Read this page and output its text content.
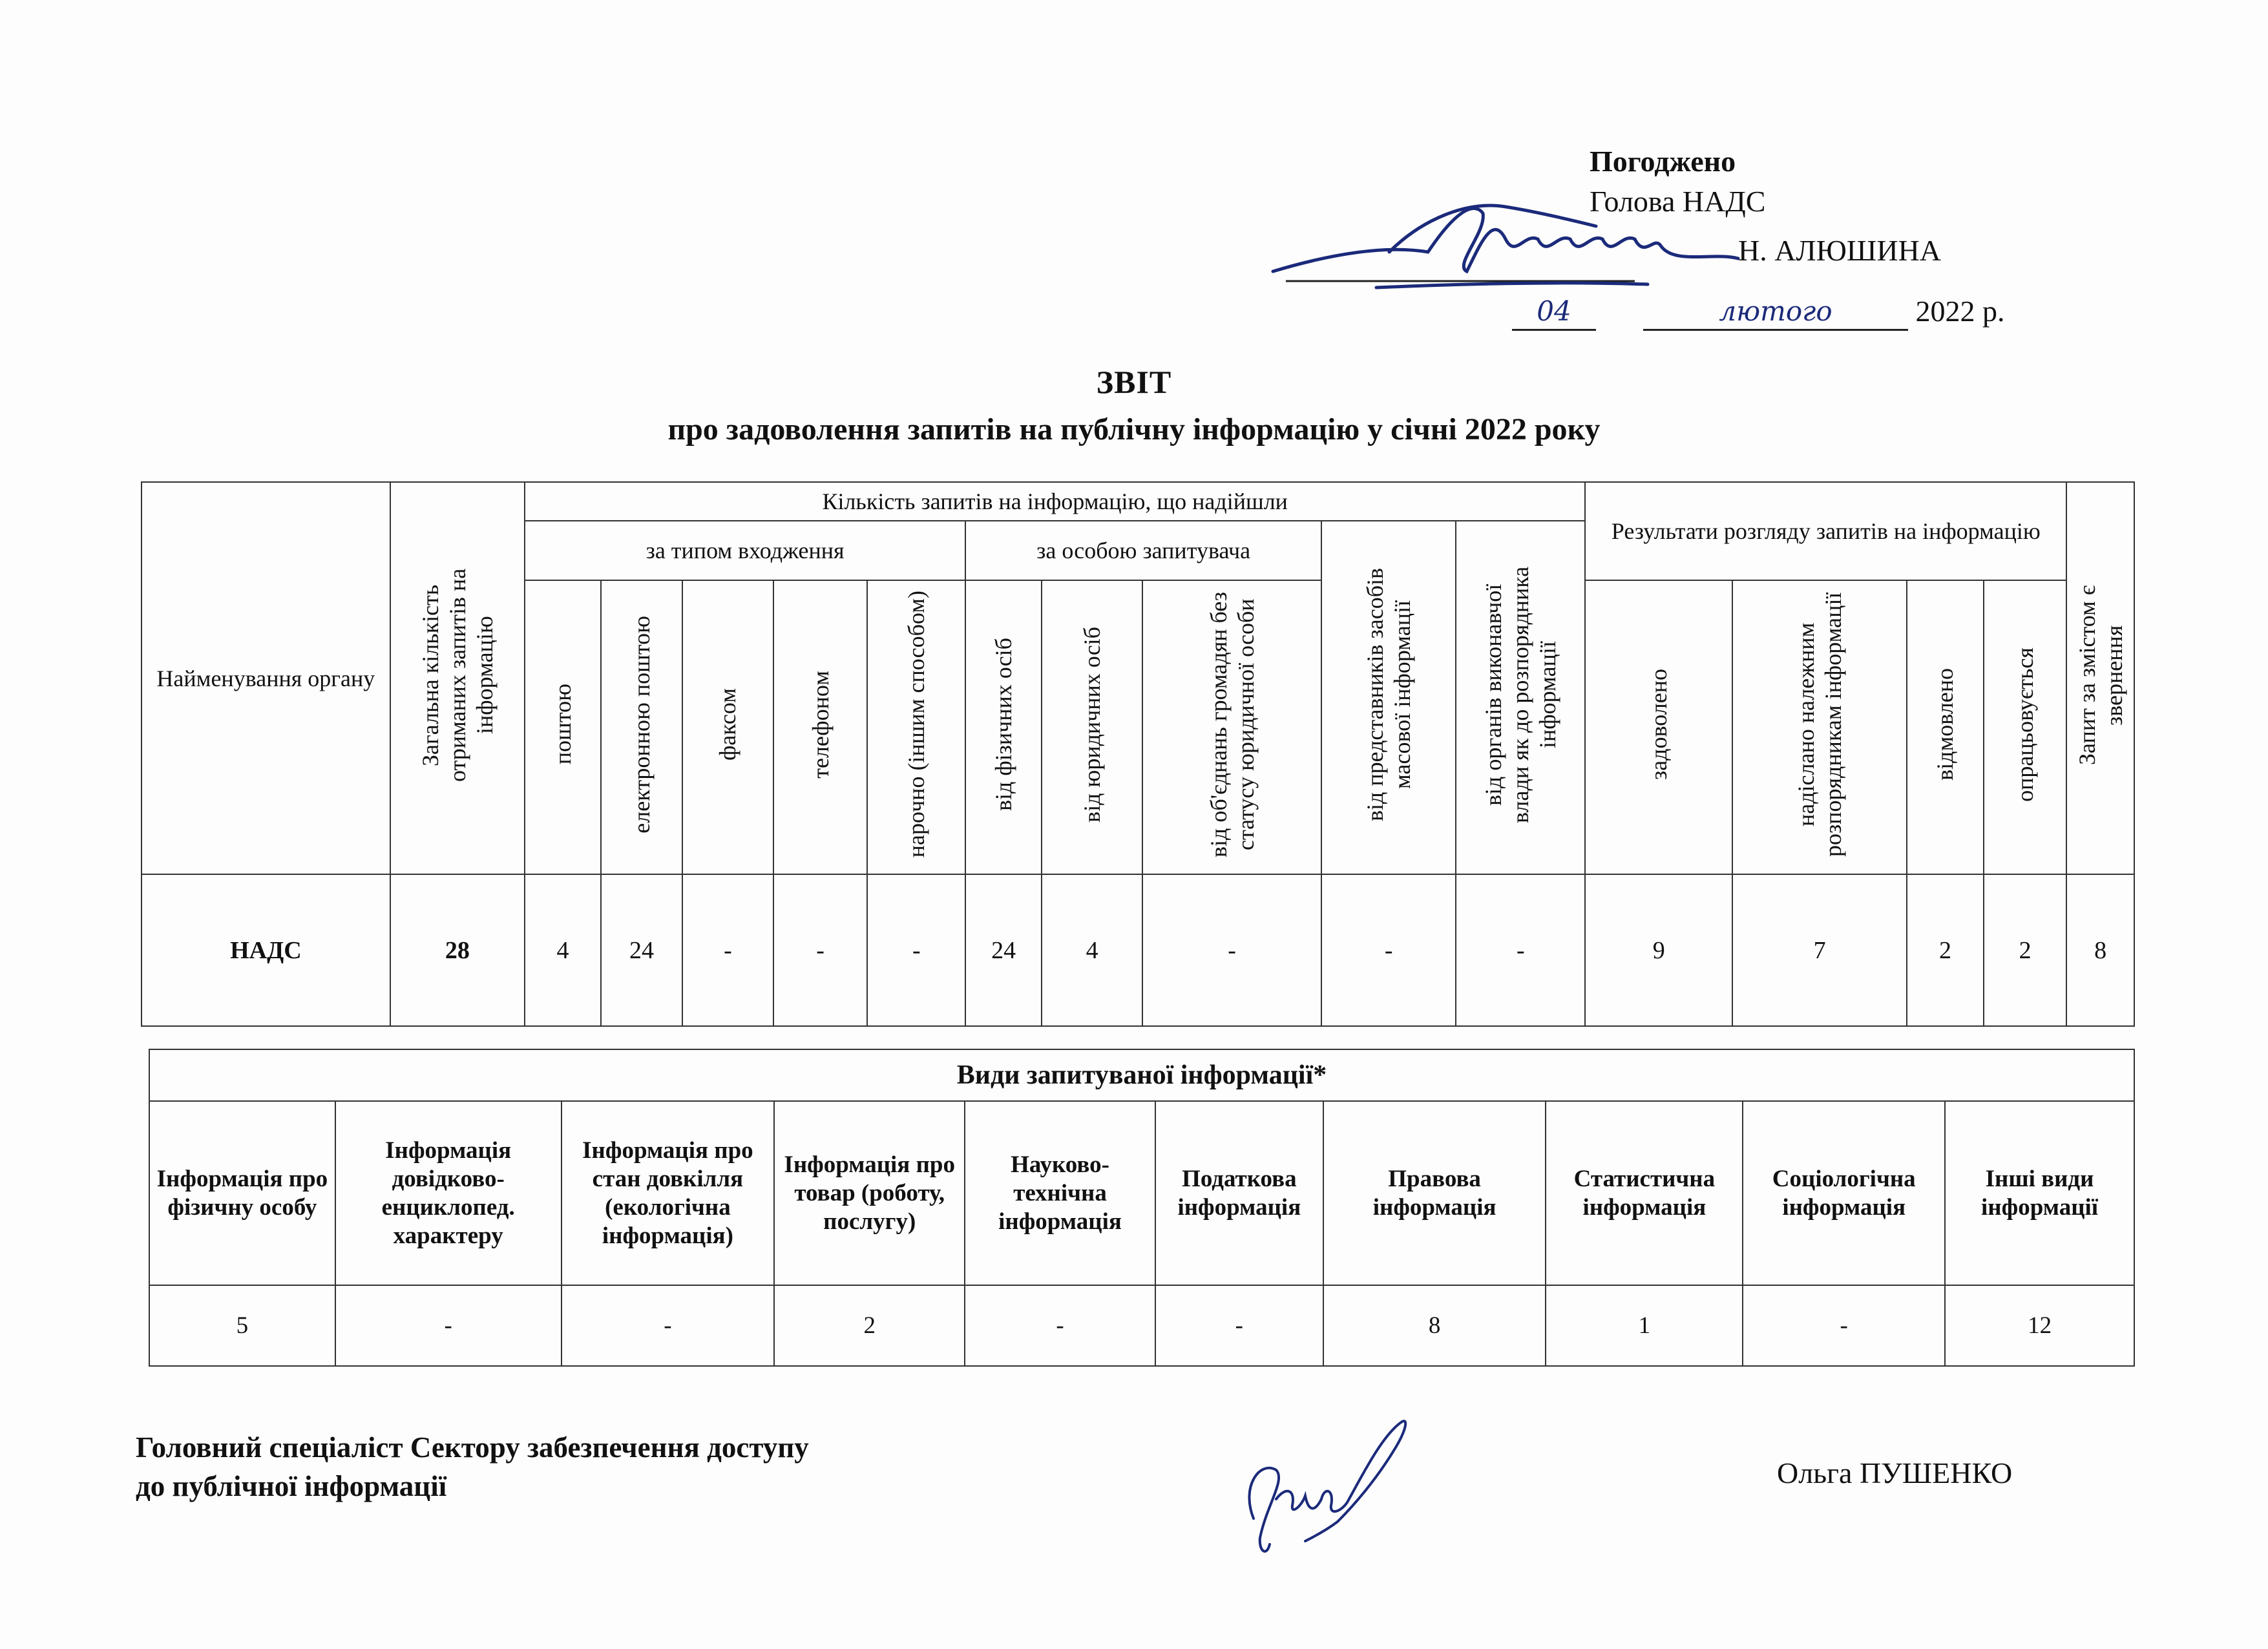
Погоджено
Голова НАДС
Н. АЛЮШИНА
04	лютого	2022 р.
ЗВІТ
про задоволення запитів на публічну інформацію у січні 2022 року
Найменування органу	Загальна кількість отриманих запитів на інформацію	Кількість запитів на інформацію, що надійшли										Результати розгляду запитів на інформацію				Запит за змістом є звернення
		за типом входження					за особою запитувача			від представників засобів масової інформації	від органів виконавчої влади як до розпорядника інформації					
		поштою	електронною поштою	факсом	телефоном	нарочно (іншим способом)	від фізичних осіб	від юридичних осіб	від об'єднань громадян без статусу юридичної особи			задоволено	надіслано належним розпорядникам інформації	відмовлено	опрацьовується	
НАДС	28	4	24	-	-	-	24	4	-	-	-	9	7	2	2	8
Види запитуваної інформації*									
Інформація про фізичну особу	Інформація довідково-енциклопед. характеру	Інформація про стан довкілля (екологічна інформація)	Інформація про товар (роботу, послугу)	Науково-технічна інформація	Податкова інформація	Правова інформація	Статистична інформація	Соціологічна інформація	Інші види інформації
5	-	-	2	-	-	8	1	-	12
Головний спеціаліст Сектору забезпечення доступу
до публічної інформації	Ольга ПУШЕНКО
